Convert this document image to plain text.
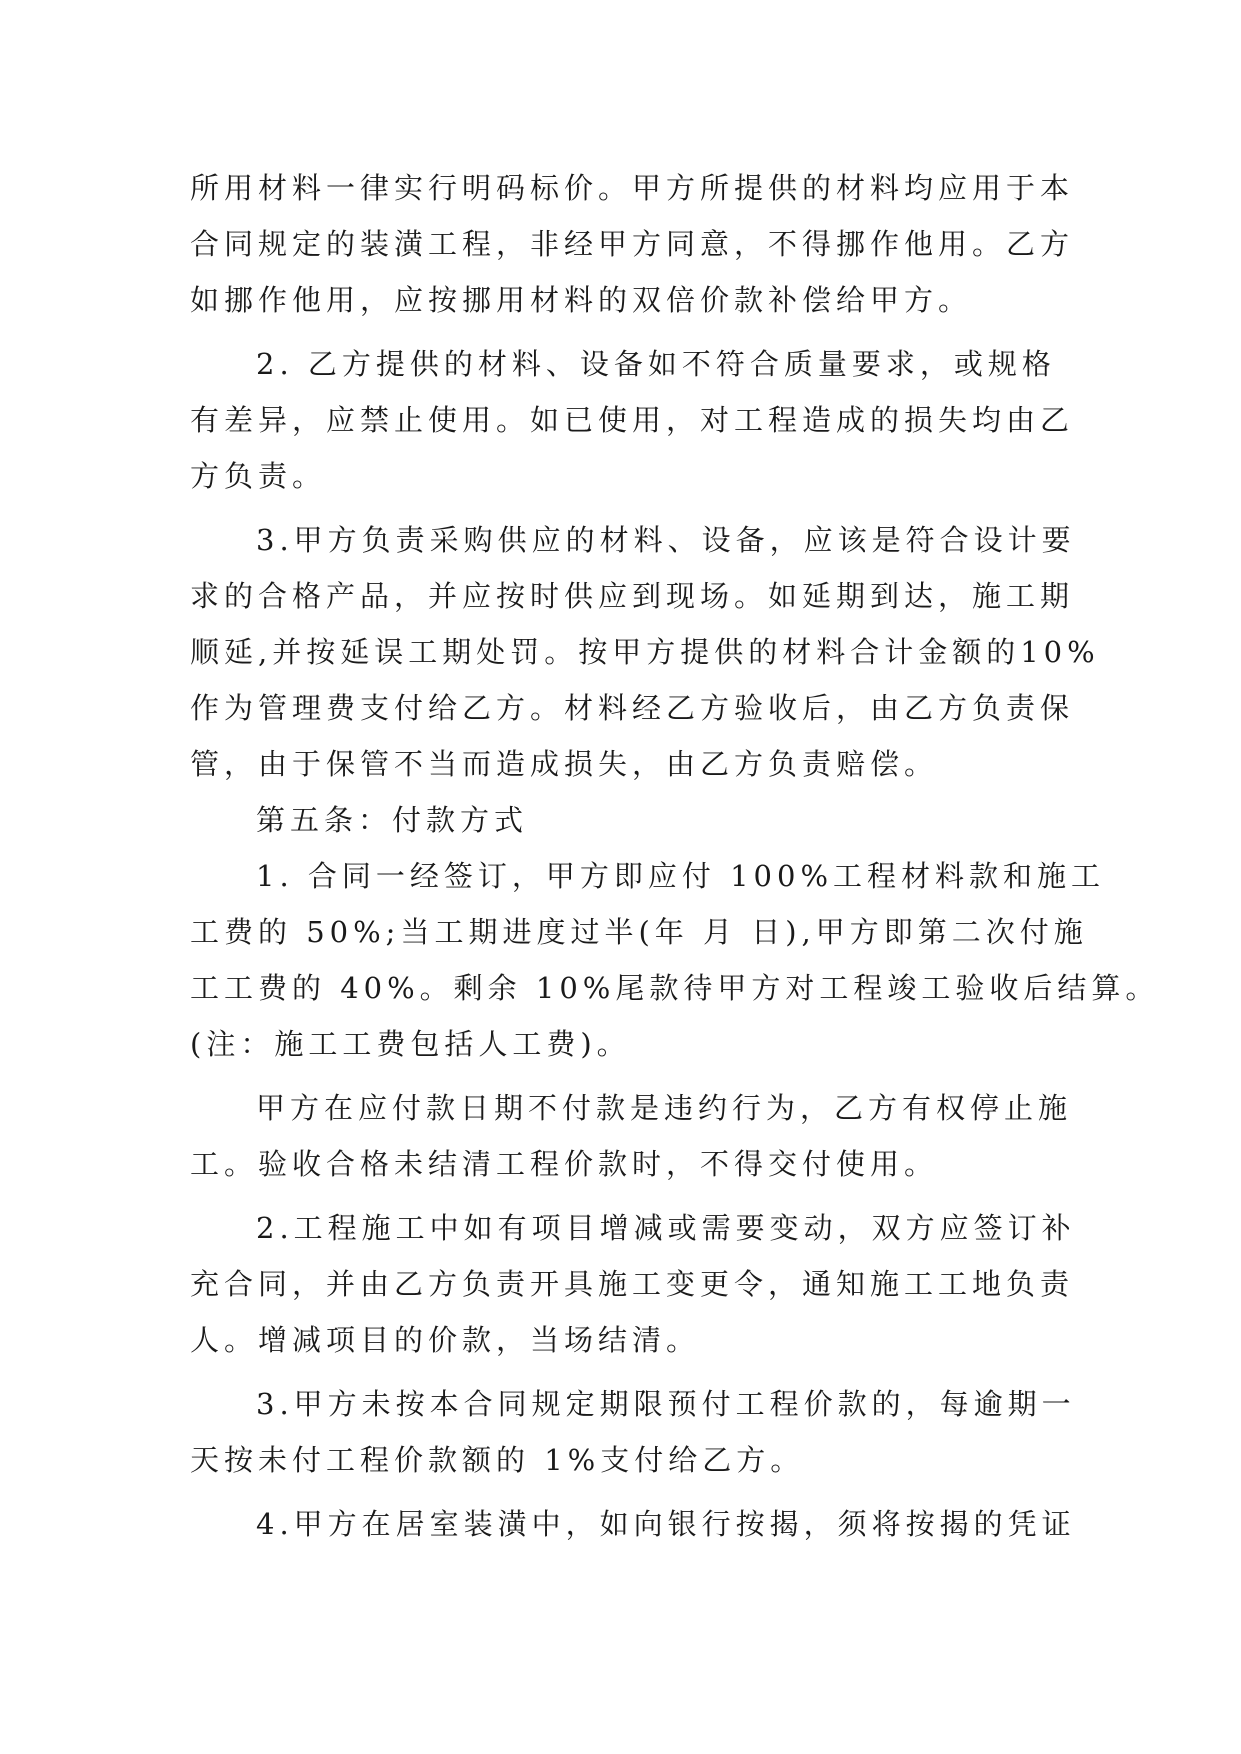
所用材料一律实行明码标价。甲方所提供的材料均应用于本
合同规定的装潢工程，非经甲方同意，不得挪作他用。乙方
如挪作他用，应按挪用材料的双倍价款补偿给甲方。
2. 乙方提供的材料、设备如不符合质量要求，或规格
有差异，应禁止使用。如已使用，对工程造成的损失均由乙
方负责。
3.甲方负责采购供应的材料、设备，应该是符合设计要
求的合格产品，并应按时供应到现场。如延期到达，施工期
顺延,并按延误工期处罚。按甲方提供的材料合计金额的10%
作为管理费支付给乙方。材料经乙方验收后，由乙方负责保
管，由于保管不当而造成损失，由乙方负责赔偿。
第五条：付款方式
1. 合同一经签订，甲方即应付 100%工程材料款和施工
工费的 50%;当工期进度过半(年 月 日),甲方即第二次付施
工工费的 40%。剩余 10%尾款待甲方对工程竣工验收后结算。
(注：施工工费包括人工费)。
甲方在应付款日期不付款是违约行为，乙方有权停止施
工。验收合格未结清工程价款时，不得交付使用。
2.工程施工中如有项目增减或需要变动，双方应签订补
充合同，并由乙方负责开具施工变更令，通知施工工地负责
人。增减项目的价款，当场结清。
3.甲方未按本合同规定期限预付工程价款的，每逾期一
天按未付工程价款额的 1%支付给乙方。
4.甲方在居室装潢中，如向银行按揭，须将按揭的凭证
